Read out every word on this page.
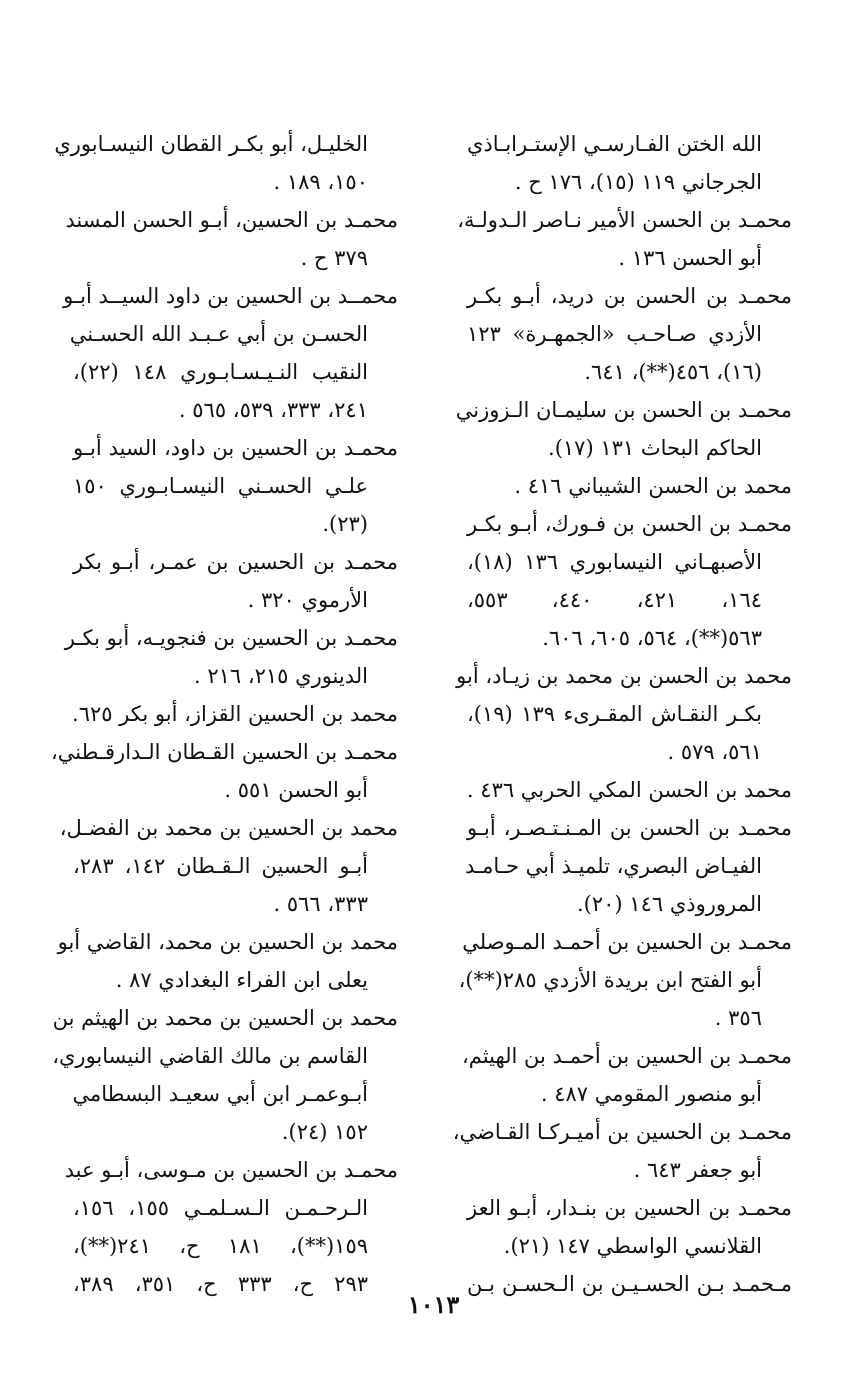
الله الختن الفـارسـي الإستـرابـاذي
الجرجاني ١١٩ (١٥)، ١٧٦ ح .
محمـد بن الحسن الأمير نـاصر الـدولـة،
أبو الحسن ١٣٦ .
محمـد بن الحسن بن دريد، أبـو بكـر
الأزدي صـاحـب «الجمهـرة» ١٢٣
(١٦)، ٤٥٦(**)، ٦٤١.
محمـد بن الحسن بن سليمـان الـزوزني
الحاكم البحاث ١٣١ (١٧).
محمد بن الحسن الشيباني ٤١٦ .
محمـد بن الحسن بن فـورك، أبـو بكـر
الأصبهـاني النيسابوري ١٣٦ (١٨)،
١٦٤، ٤٢١، ٤٤٠، ٥٥٣،
٥٦٣(**)، ٥٦٤، ٦٠٥، ٦٠٦.
محمد بن الحسن بن محمد بن زيـاد، أبو
بكـر النقـاش المقـرىء ١٣٩ (١٩)،
٥٦١، ٥٧٩ .
محمد بن الحسن المكي الحربي ٤٣٦ .
محمـد بن الحسن بن المـنـتـصـر، أبـو
الفيـاض البصري، تلميـذ أبي حـامـد
المروروذي ١٤٦ (٢٠).
محمـد بن الحسين بن أحمـد المـوصلي
أبو الفتح ابن بريدة الأزدي ٢٨٥(**)،
٣٥٦ .
محمـد بن الحسين بن أحمـد بن الهيثم،
أبو منصور المقومي ٤٨٧ .
محمـد بن الحسين بن أميـركـا القـاضي،
أبو جعفر ٦٤٣ .
محمـد بن الحسين بن بنـدار، أبـو العز
القلانسي الواسطي ١٤٧ (٢١).
مـحمـد بـن الحسـيـن بن الـحسـن بـن
الخليـل، أبو بكـر القطان النيسـابوري
١٥٠، ١٨٩ .
محمـد بن الحسين، أبـو الحسن المسند
٣٧٩ ح .
محمــد بن الحسين بن داود السيــد أبـو
الحسـن بن أبي عـبـد الله الحسـني
النقيب النـيـسـابـوري ١٤٨ (٢٢)،
٢٤١، ٣٣٣، ٥٣٩، ٥٦٥ .
محمـد بن الحسين بن داود، السيد أبـو
علـي الحسـني النيسـابـوري ١٥٠
(٢٣).
محمـد بن الحسين بن عمـر، أبـو بكر
الأرموي ٣٢٠ .
محمـد بن الحسين بن فنجويـه، أبو بكـر
الدينوري ٢١٥، ٢١٦ .
محمد بن الحسين القزاز، أبو بكر ٦٢٥.
محمـد بن الحسين القـطان الـدارقـطني،
أبو الحسن ٥٥١ .
محمد بن الحسين بن محمد بن الفضـل،
أبـو الحسين الـقـطان ١٤٢، ٢٨٣،
٣٣٣، ٥٦٦ .
محمد بن الحسين بن محمد، القاضي أبو
يعلى ابن الفراء البغدادي ٨٧ .
محمد بن الحسين بن محمد بن الهيثم بن
القاسم بن مالك القاضي النيسابوري،
أبـوعمـر ابن أبي سعيـد البسطامي
١٥٢ (٢٤).
محمـد بن الحسين بن مـوسى، أبـو عبد
الـرحـمـن الـسـلمـي ١٥٥، ١٥٦،
١٥٩(**)، ١٨١ ح، ٢٤١(**)،
٢٩٣ ح، ٣٣٣ ح، ٣٥١، ٣٨٩،
١٠١٣
